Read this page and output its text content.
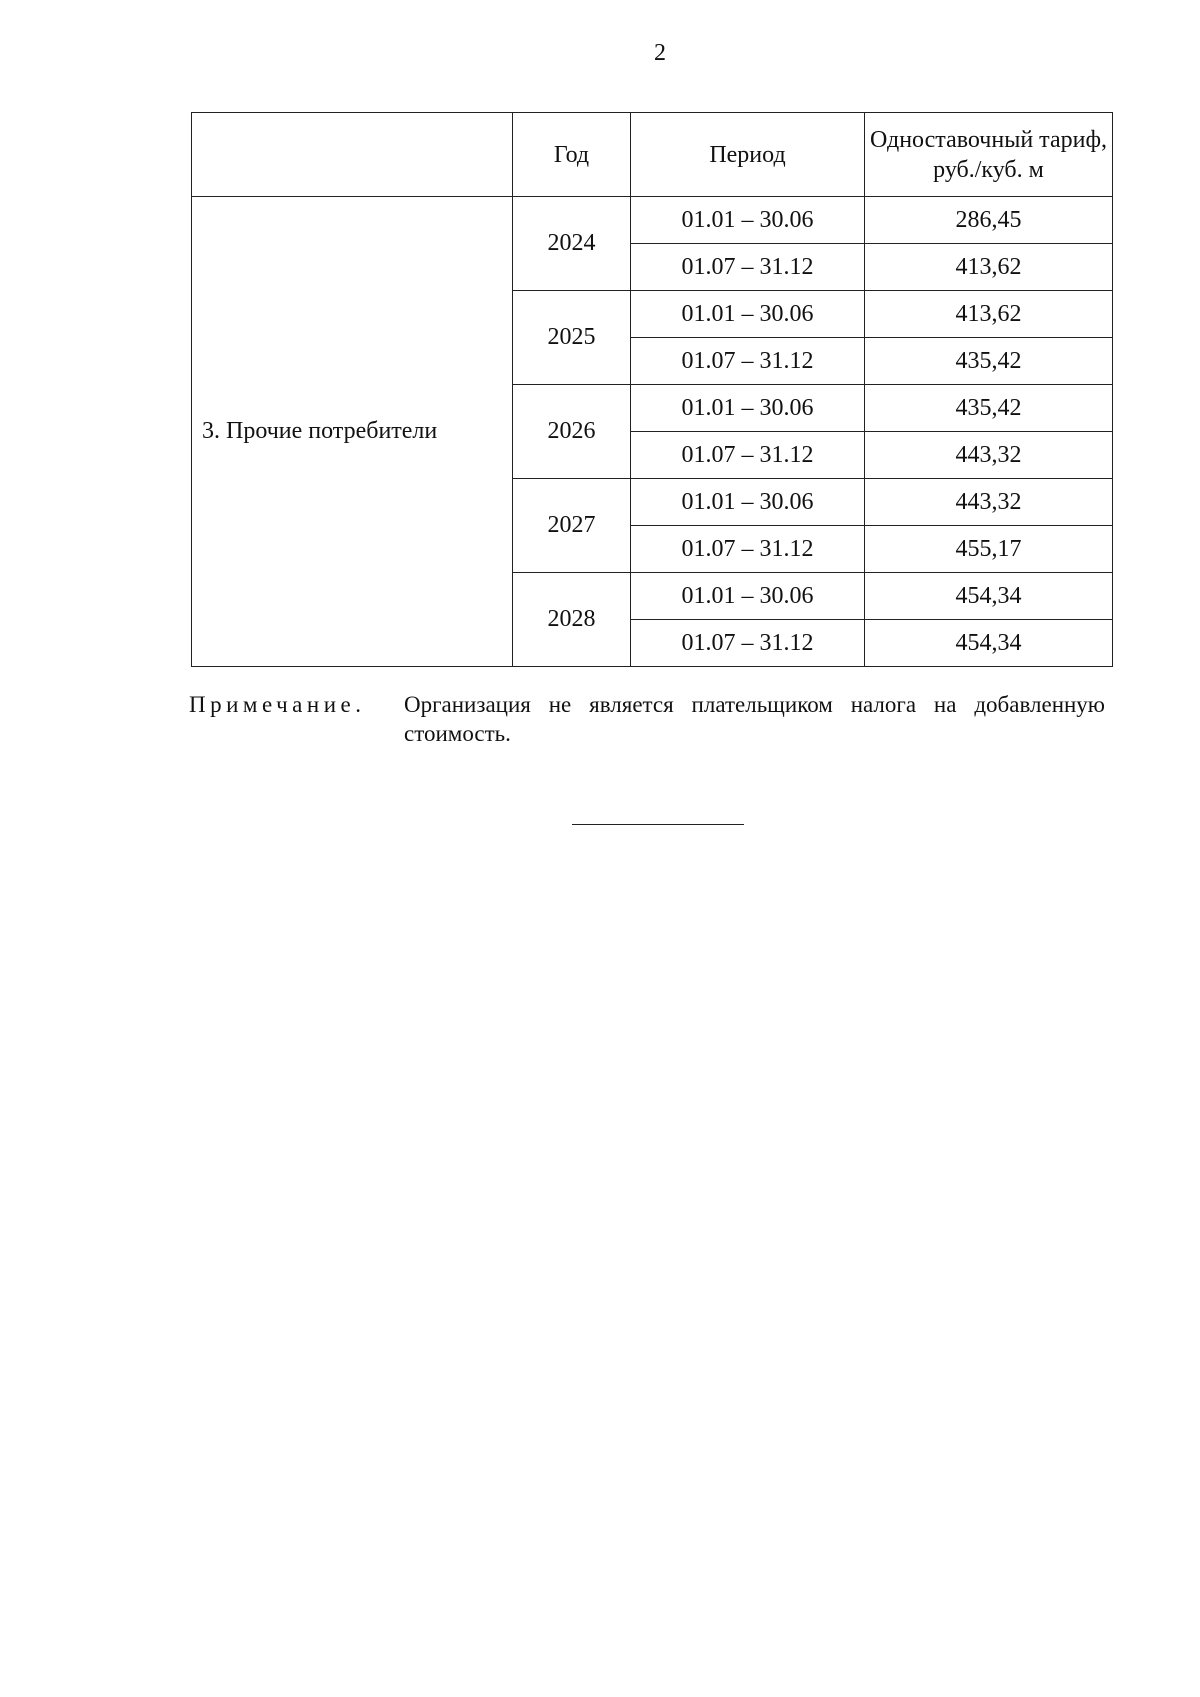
2
	Год	Период	Одноставочный тариф,
руб./куб. м
3. Прочие потребители	2024	01.01 – 30.06	286,45
		01.07 – 31.12	413,62
	2025	01.01 – 30.06	413,62
		01.07 – 31.12	435,42
	2026	01.01 – 30.06	435,42
		01.07 – 31.12	443,32
	2027	01.01 – 30.06	443,32
		01.07 – 31.12	455,17
	2028	01.01 – 30.06	454,34
		01.07 – 31.12	454,34
Примечание. Организация не является плательщиком налога на добавленную стоимость.
